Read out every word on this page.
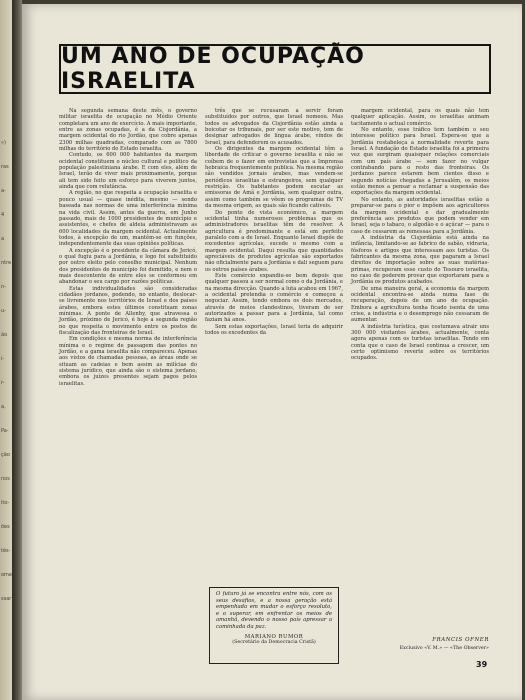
»)
ras
a-
4
a
ntre
n-
u-
ão
i-
r-
a,
Pa-
ção
nos
ito-
ões
tês-
ome
ssar
UM ANO DE OCUPAÇÃO ISRAELITA

Na segunda semana deste mês, o governo militar israelita de ocupação no Médio Oriente completara um ano de exercício. A mais importante, entre as zonas ocupadas, é a da Cisjordânia, a margem ocidental do rio Jordão, que cobre apenas 2300 milhas quadradas, comparado com as 7800 milhas do território do Estado israelita.

Contudo, os 600 000 habitantes da margem ocidental constituem o núcleo cultural e político da população palestiniana árabe. E com eles, além de Israel, terão de viver mais proximamente, porque ali tem sido feito um esforço para viverem juntos, ainda que com relutância.

A região, no que respeita a ocupação israelita e pouco usual — quase inédita, mesmo — sendo baseada nas normas de uma interferência mínima na vida civil. Assim, antes da guerra, em Junho passado, mais de 1000 presidentes de município e assistentes, e chefes de aldeia administravam as 600 localidades da margem ocidental. Actualmente todos, à excepção de um, mantêm-se em funções, independentemente das suas opiniões políticas.

A excepção é o presidente da câmara de Jericó, o qual fugiu para a Jordânia, e logo foi substituído por outro eleito pelo conselho municipal. Nenhum dos presidentes de município foi demitido, e nem o mais descontente de entre eles se conformou em abandonar o seu cargo por razões políticas.

Estas individualidades são consideradas cidadãos jordanos, podendo, no entanto, deslocar-se livremente nos territórios de Israel e dos países árabes, embora estes últimos constituam zonas mínimas. A ponte de Allenby, que atravessa o Jordão, próximo de Jericó, é hoje a segunda região no que respeita o movimento entre os postos de fiscalização das fronteiras de Israel.

Em condições e mesma norma de interferência mínima e o regime de passagem das pontes no Jordão, e a gama israelita não compareceu. Apenas aos vistos de chamadas pessoas, as áreas onde se situam as cadeias e bem assim as milícias do sistema jurídico, que ainda são o sistema jordano, embora os juízes presentes sejam pagos pelos israelitas.

três que se recusaram a servir foram substituídos por outros, que Israel nomeou. Mas todos os advogados da Cisjordânia estão ainda a boicotar os tribunais, por ser este motivo, tem de designar advogados de língua árabe, vindos de Israel, para defenderem os acusados.

Os dirigentes da margem ocidental têm a liberdade de criticar o governo israelita e não se coíbem de o fazer em entrevistas que a Imprensa hebraica frequentemente publica. Na mesma região são vendidos jornais árabes, mas vendem-se periódicos israelitas e estrangeiros, sem qualquer restrição. Os habitantes podem escutar as emissoras de Amã e Jordânia, sem qualquer outra, assim como também se vêem os programas de TV da mesma origem, as quais são ficando cativeis.

Do ponto de vista económico, a margem ocidental tinha numerosos problemas que os administradores israelitas têm de resolver. A agricultura é predominante e está em perfeito paralelo com a de Israel. Enquanto Israel dispõe de excedentes agrícolas, sucede o mesmo com a margem ocidental. Daqui resulta que quantidades apreciáveis de produtos agrícolas são exportados não oficialmente para a Jordânia e dali seguem para os outros países árabes.

Este comércio expandiu-se bem depois que qualquer passou a ser normal como o da Jordânia, e na mesma direcção. Quando a luta acabou em 1967, a ocidental pretendia o comércio e começou a negociar. Assim, tendo embora os dois mercados, através de meios clandestinos, tiveram de ser autorizados a passar para a Jordânia, tal como faziam há anos.

Sem estas exportações, Israel teria de adquirir todos os excedentes da

O futuro já se encontra entre nós, com os seus desafios, e a nossa geração está empenhada em mudar o esforço resoluto, e o superar, em enfrentar os meios de amanhã, devendo o nosso país apressar a caminhada da paz.
MARIANO RUMOR
(Secretário da Democracia Cristã)

margem ocidental, para os quais não tem qualquer aplicação. Assim, os israelitas animam tacitamente o actual comércio.

No entanto, esse tráfico tem também o seu interesse político para Israel. Espera-se que a Jordânia restabeleça a normalidade reverte para Israel. A fundação do Estado israelita foi a primeira vez que surgiram quaisquer relações comerciais com um país árabe — sem fazer no vulgar contrabando para o resto das fronteiras. Os jordanos parece estarem bem cientes disso e segundo notícias chegadas a Jerusalém, os meios estão menos a pensar a reclamar a suspensão das exportações da margem ocidental.

No entanto, as autoridades israelitas estão a preparar-se para o pior e impõem aos agricultores da margem ocidental e dar gradualmente preferência aos produtos que podem vender em Israel, seja o tabaco, o algodão e o açúcar — para o caso de cessarem as remessas para a Jordânia.

A indústria da Cisjordânia está ainda na infância, limitando-se ao fabrico de sabão, vidraria, fósforos e artigos que interessam aos turistas. Os fabricantes da mesma zona, que pagaram a Israel direitos de importação sobre as suas matérias-primas, recuperam esse custo do Tesouro israelita, no caso de poderem provar que exportaram para a Jordânia os produtos acabados.

De uma maneira geral, a economia da margem ocidental encontra-se ainda numa fase de recuperação, depois de um ano de ocupação. Embora a agricultura tenha ficado isenta de uma crise, a indústria e o desemprego não cessaram de aumentar.

A indústria turística, que costumava atrair uns 300 000 visitantes árabes, actualmente, conta agora apenas com os turistas israelitas. Tendo em conta que o caso de Israel continua a crescer, um certo optimismo reverte sobre os territórios ocupados.

FRANCIS OFNER
Exclusivo «V. M.» — «The Observer»
39
